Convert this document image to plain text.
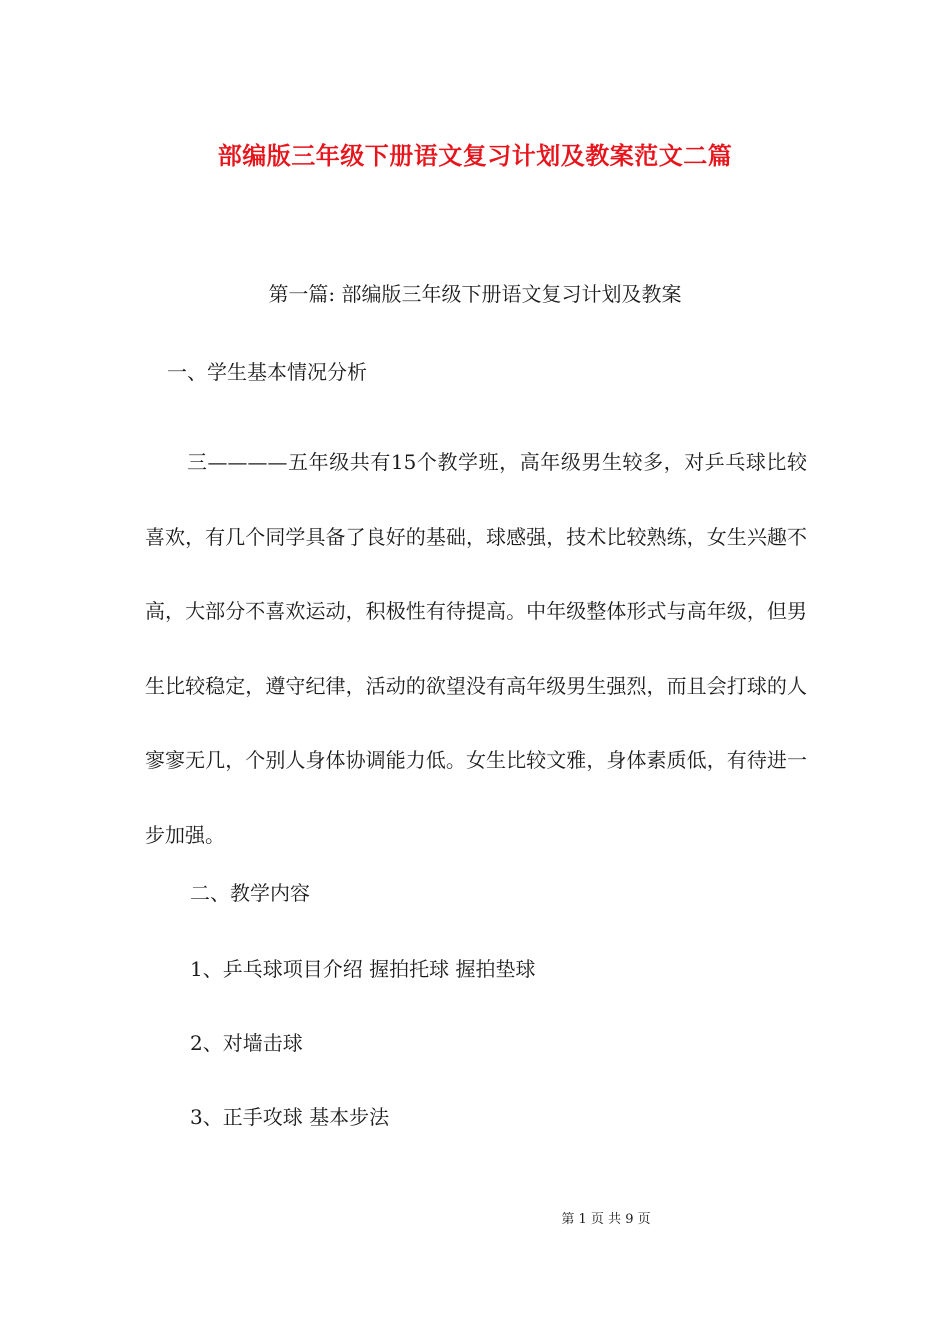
部编版三年级下册语文复习计划及教案范文二篇
第一篇: 部编版三年级下册语文复习计划及教案
一、学生基本情况分析
三————五年级共有15个教学班，高年级男生较多，对乒乓球比较喜欢，有几个同学具备了良好的基础，球感强，技术比较熟练，女生兴趣不高，大部分不喜欢运动，积极性有待提高。中年级整体形式与高年级，但男生比较稳定，遵守纪律，活动的欲望没有高年级男生强烈，而且会打球的人寥寥无几，个别人身体协调能力低。女生比较文雅，身体素质低，有待进一步加强。
二、教学内容
1、乒乓球项目介绍 握拍托球 握拍垫球
2、对墙击球
3、正手攻球 基本步法
第 1 页 共 9 页
